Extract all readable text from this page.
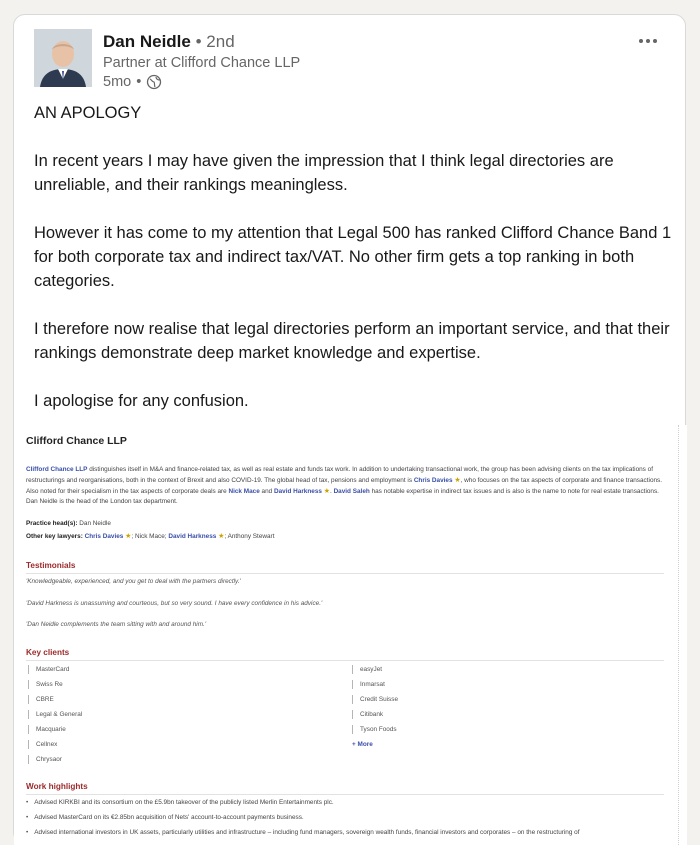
Dan Neidle • 2nd
Partner at Clifford Chance LLP
5mo •

AN APOLOGY

In recent years I may have given the impression that I think legal directories are unreliable, and their rankings meaningless.

However it has come to my attention that Legal 500 has ranked Clifford Chance Band 1 for both corporate tax and indirect tax/VAT. No other firm gets a top ranking in both categories.

I therefore now realise that legal directories perform an important service, and that their rankings demonstrate deep market knowledge and expertise.

I apologise for any confusion.

Clifford Chance LLP
Clifford Chance LLP distinguishes itself in M&A and finance-related tax, as well as real estate and funds tax work. In addition to undertaking transactional work, the group has been advising clients on the tax implications of restructurings and reorganisations, both in the context of Brexit and also COVID-19. The global head of tax, pensions and employment is Chris Davies ★, who focuses on the tax aspects of corporate and finance transactions. Also noted for their specialism in the tax aspects of corporate deals are Nick Mace and David Harkness ★. David Saleh has notable expertise in indirect tax issues and is also is the name to note for real estate transactions. Dan Neidle is the head of the London tax department.
Practice head(s): Dan Neidle
Other key lawyers: Chris Davies ★; Nick Mace; David Harkness ★; Anthony Stewart
Testimonials
'Knowledgeable, experienced, and you get to deal with the partners directly.'
'David Harkness is unassuming and courteous, but so very sound. I have every confidence in his advice.'
'Dan Neidle complements the team sitting with and around him.'
Key clients
MasterCard
Swiss Re
CBRE
Legal & General
Macquarie
Cellnex
Chrysaor
easyJet
Inmarsat
Credit Suisse
Citibank
Tyson Foods
+ More
Work highlights
• Advised KIRKBI and its consortium on the £5.9bn takeover of the publicly listed Merlin Entertainments plc.
• Advised MasterCard on its €2.85bn acquisition of Nets' account-to-account payments business.
• Advised international investors in UK assets, particularly utilities and infrastructure – including fund managers, sovereign wealth funds, financial investors and corporates – on the restructuring of
